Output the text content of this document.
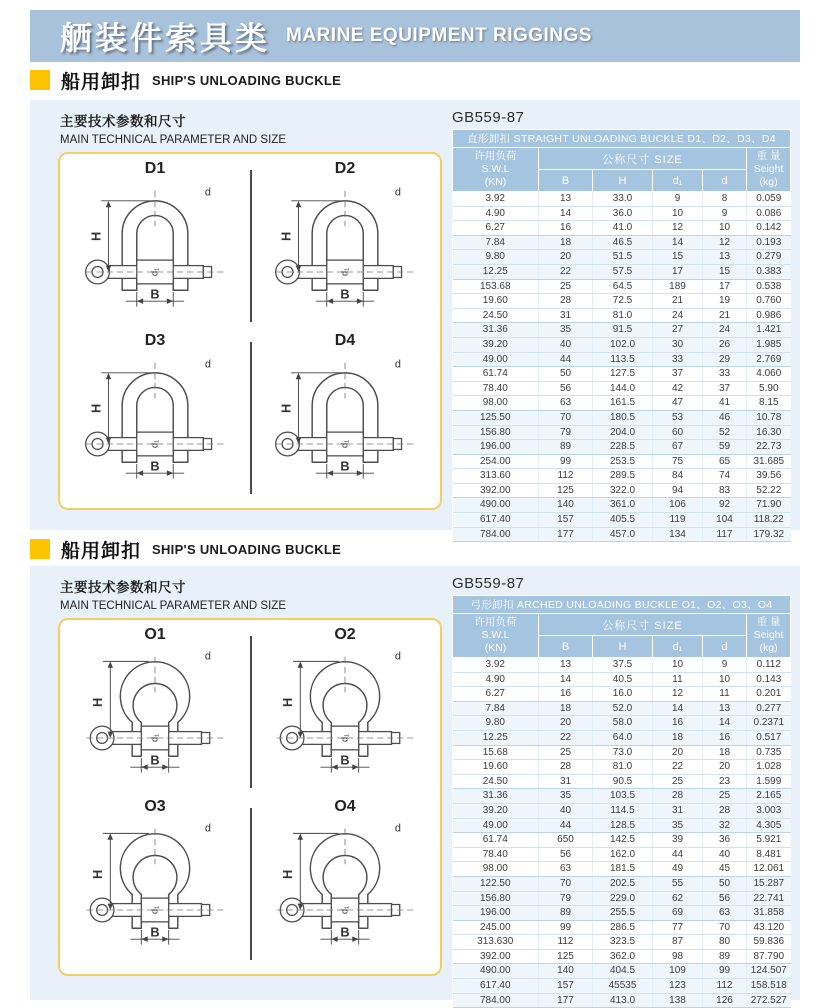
舾装件索具类 MARINE EQUIPMENT RIGGINGS
船用卸扣 SHIP'S UNLOADING BUCKLE
主要技术参数和尺寸
MAIN TECHNICAL PARAMETER AND SIZE
D1
H
B
d
d₁
D2
H
B
d
d₁
D3
H
B
d
d₁
D4
H
B
d
d₁
GB559-87
直形卸扣 STRAIGHT UNLOADING BUCKLE D1、D2、D3、D4					

许用负荷
S.W.L
(KN)
	公称尺寸 SIZE	重 量
Seight
(kg)

	B	H	d₁	d	
3.92	13	33.0	9	8	0.059
4.90	14	36.0	10	9	0.086
6.27	16	41.0	12	10	0.142
7.84	18	46.5	14	12	0.193
9.80	20	51.5	15	13	0.279
12.25	22	57.5	17	15	0.383
153.68	25	64.5	189	17	0.538
19.60	28	72.5	21	19	0.760
24.50	31	81.0	24	21	0.986
31.36	35	91.5	27	24	1.421
39.20	40	102.0	30	26	1.985
49.00	44	113.5	33	29	2.769
61.74	50	127.5	37	33	4.060
78.40	56	144.0	42	37	5.90
98.00	63	161.5	47	41	8.15
125.50	70	180.5	53	46	10.78
156.80	79	204.0	60	52	16.30
196.00	89	228.5	67	59	22.73
254.00	99	253.5	75	65	31.685
313.60	112	289.5	84	74	39.56
392.00	125	322.0	94	83	52.22
490.00	140	361.0	106	92	71.90
617.40	157	405.5	119	104	118.22
784.00	177	457.0	134	117	179.32
船用卸扣 SHIP'S UNLOADING BUCKLE
主要技术参数和尺寸
MAIN TECHNICAL PARAMETER AND SIZE
O1
H
B
d
d₁
O2
H
B
d
d₁
O3
H
B
d
d₁
O4
H
B
d
d₁
GB559-87
弓形卸扣 ARCHED UNLOADING BUCKLE O1、O2、O3、O4					

许用负荷
S.W.L
(KN)
	公称尺寸 SIZE	重 量
Seight
(kg)

	B	H	d₁	d	
3.92	13	37.5	10	9	0.112
4.90	14	40.5	11	10	0.143
6.27	16	16.0	12	11	0.201
7.84	18	52.0	14	13	0.277
9.80	20	58.0	16	14	0.2371
12.25	22	64.0	18	16	0.517
15.68	25	73.0	20	18	0.735
19.60	28	81.0	22	20	1.028
24.50	31	90.5	25	23	1.599
31.36	35	103.5	28	25	2.165
39.20	40	114.5	31	28	3.003
49.00	44	128.5	35	32	4.305
61.74	650	142.5	39	36	5.921
78.40	56	162.0	44	40	8.481
98.00	63	181.5	49	45	12.061
122.50	70	202.5	55	50	15.287
156.80	79	229.0	62	56	22.741
196.00	89	255.5	69	63	31.858
245.00	99	286.5	77	70	43.120
313.630	112	323.5	87	80	59.836
392.00	125	362.0	98	89	87.790
490.00	140	404.5	109	99	124.507
617.40	157	45535	123	112	158.518
784.00	177	413.0	138	126	272.527
